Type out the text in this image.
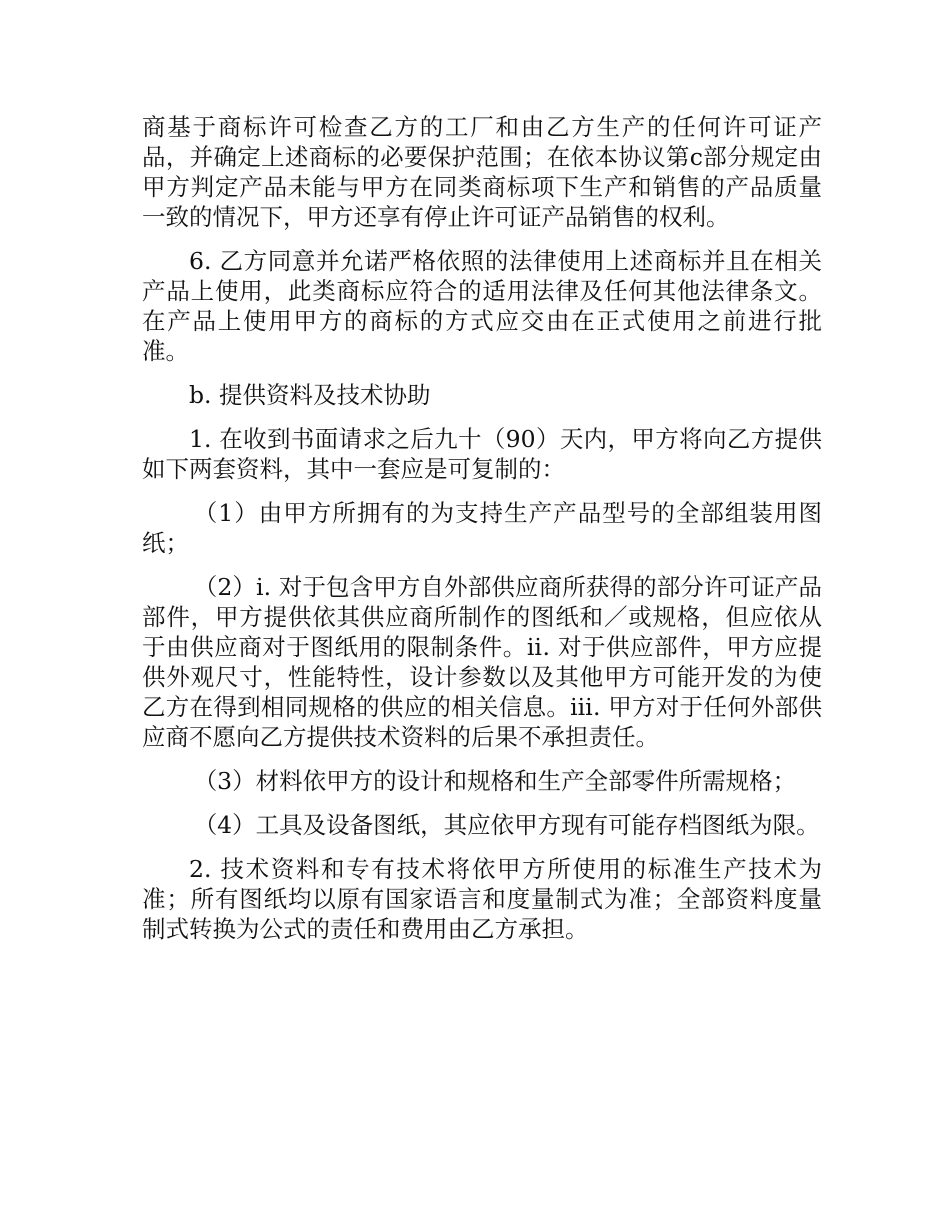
商基于商标许可检查乙方的工厂和由乙方生产的任何许可证产品，并确定上述商标的必要保护范围；在依本协议第c部分规定由甲方判定产品未能与甲方在同类商标项下生产和销售的产品质量一致的情况下，甲方还享有停止许可证产品销售的权利。

6. 乙方同意并允诺严格依照的法律使用上述商标并且在相关产品上使用，此类商标应符合的适用法律及任何其他法律条文。在产品上使用甲方的商标的方式应交由在正式使用之前进行批准。

b. 提供资料及技术协助

1. 在收到书面请求之后九十（90）天内，甲方将向乙方提供如下两套资料，其中一套应是可复制的：

（1）由甲方所拥有的为支持生产产品型号的全部组装用图纸；

（2）ⅰ. 对于包含甲方自外部供应商所获得的部分许可证产品部件，甲方提供依其供应商所制作的图纸和／或规格，但应依从于由供应商对于图纸用的限制条件。ⅱ. 对于供应部件，甲方应提供外观尺寸，性能特性，设计参数以及其他甲方可能开发的为使乙方在得到相同规格的供应的相关信息。ⅲ. 甲方对于任何外部供应商不愿向乙方提供技术资料的后果不承担责任。

（3）材料依甲方的设计和规格和生产全部零件所需规格；

（4）工具及设备图纸，其应依甲方现有可能存档图纸为限。

2. 技术资料和专有技术将依甲方所使用的标准生产技术为准；所有图纸均以原有国家语言和度量制式为准；全部资料度量制式转换为公式的责任和费用由乙方承担。
